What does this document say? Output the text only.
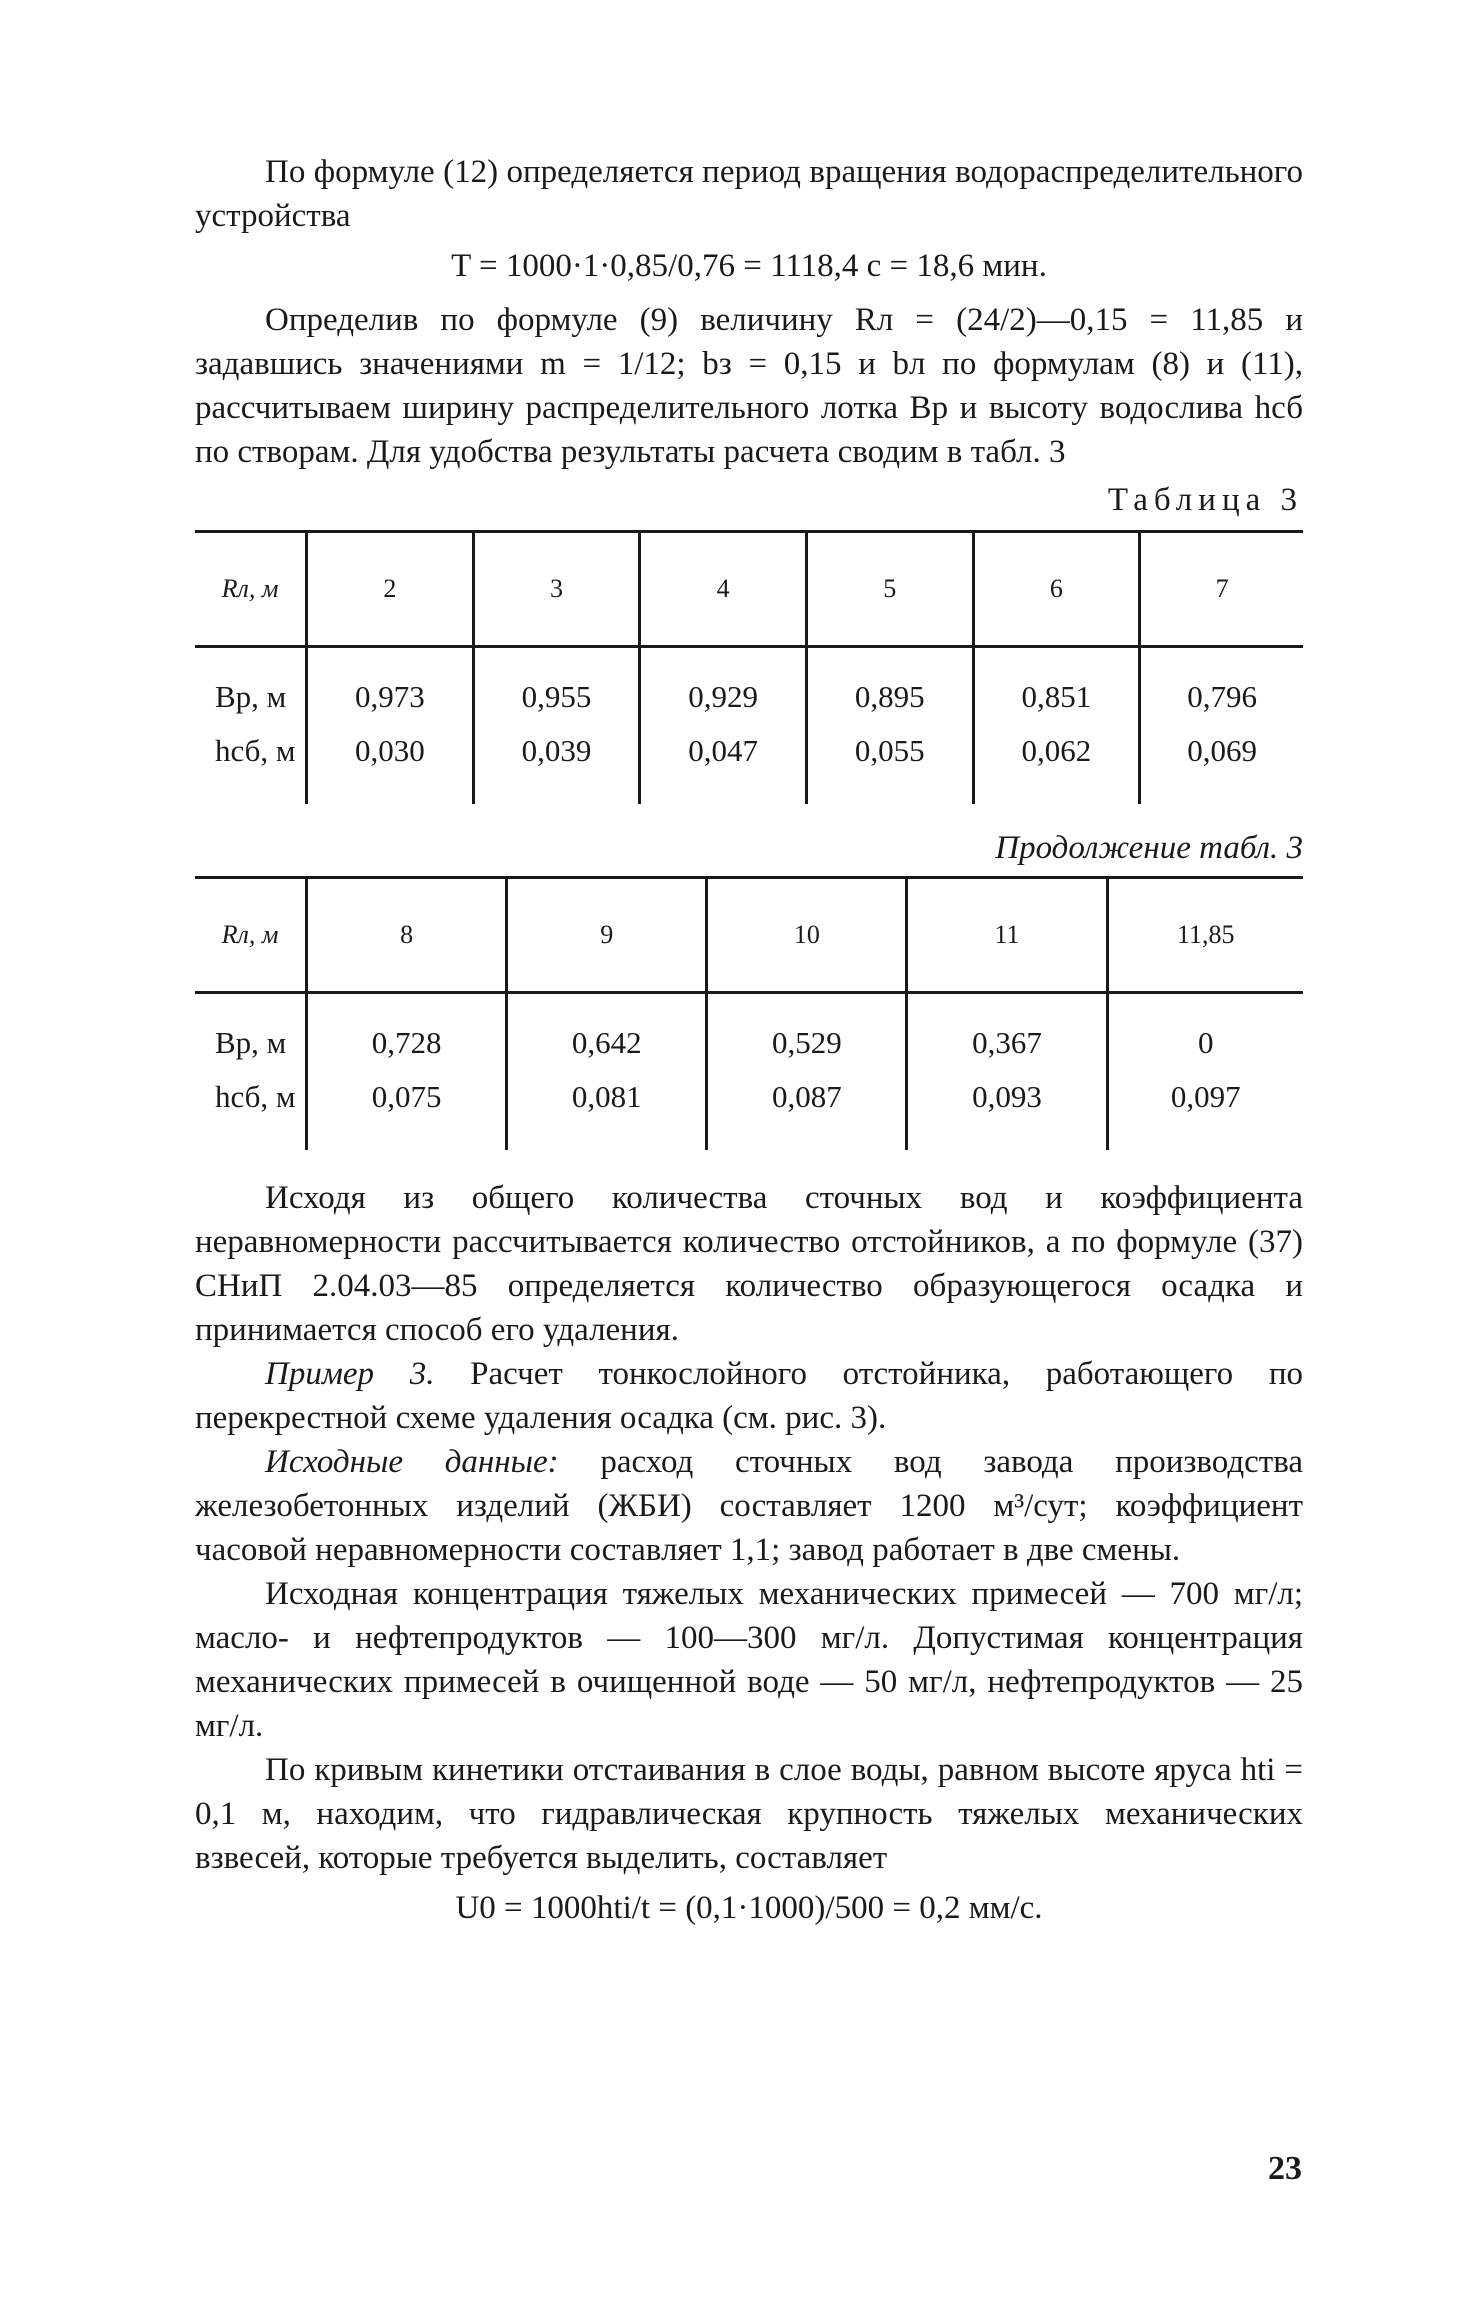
По формуле (12) определяется период вращения водораспределительного устройства

T = 1000·1·0,85/0,76 = 1118,4 с = 18,6 мин.

Определив по формуле (9) величину Rл = (24/2)—0,15 = 11,85 и задавшись значениями m = 1/12; bз = 0,15 и bл по формулам (8) и (11), рассчитываем ширину распределительного лотка Bр и высоту водослива hсб по створам. Для удобства результаты расчета сводим в табл. 3

Таблица 3
Rл, м	2	3	4	5	6	7
Bр, м	0,973	0,955	0,929	0,895	0,851	0,796
hсб, м	0,030	0,039	0,047	0,055	0,062	0,069
Продолжение табл. 3
Rл, м	8	9	10	11	11,85
Bр, м	0,728	0,642	0,529	0,367	0
hсб, м	0,075	0,081	0,087	0,093	0,097

Исходя из общего количества сточных вод и коэффициента неравномерности рассчитывается количество отстойников, а по формуле (37) СНиП 2.04.03—85 определяется количество образующегося осадка и принимается способ его удаления.

Пример 3. Расчет тонкослойного отстойника, работающего по перекрестной схеме удаления осадка (см. рис. 3).

Исходные данные: расход сточных вод завода производства железобетонных изделий (ЖБИ) составляет 1200 м³/сут; коэффициент часовой неравномерности составляет 1,1; завод работает в две смены.

Исходная концентрация тяжелых механических примесей — 700 мг/л; масло- и нефтепродуктов — 100—300 мг/л. Допустимая концентрация механических примесей в очищенной воде — 50 мг/л, нефтепродуктов — 25 мг/л.

По кривым кинетики отстаивания в слое воды, равном высоте яруса hti = 0,1 м, находим, что гидравлическая крупность тяжелых механических взвесей, которые требуется выделить, составляет

U0 = 1000hti/t = (0,1·1000)/500 = 0,2 мм/с.

23
